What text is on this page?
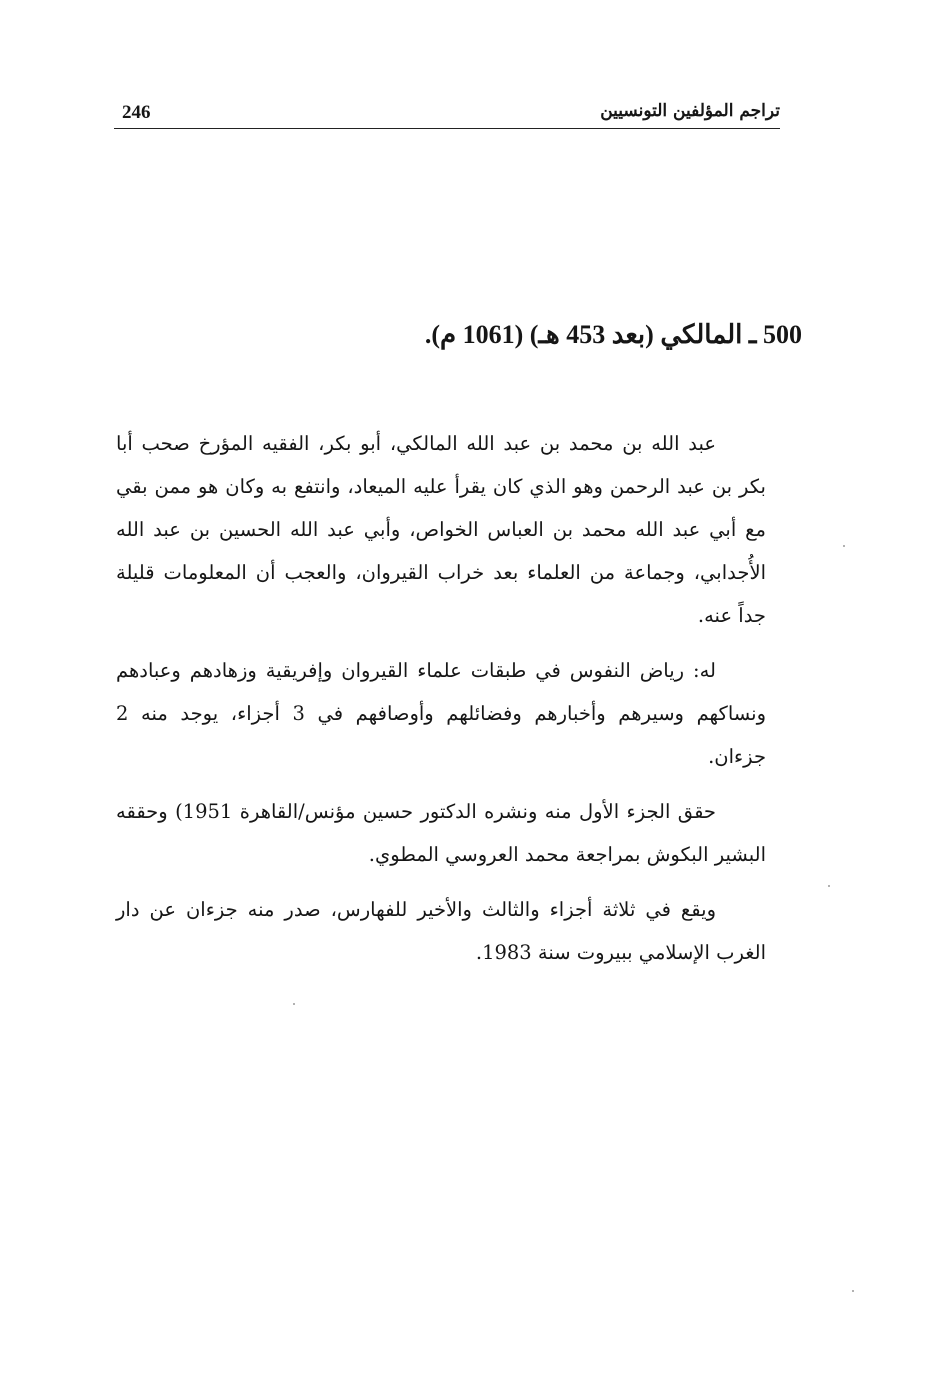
246	تراجم المؤلفين التونسيين
500 ـ المالكي (بعد 453 هـ) (1061 م).

عبد الله بن محمد بن عبد الله المالكي، أبو بكر، الفقيه المؤرخ صحب أبا بكر بن عبد الرحمن وهو الذي كان يقرأ عليه الميعاد، وانتفع به وكان هو ممن بقي مع أبي عبد الله محمد بن العباس الخواص، وأبي عبد الله الحسين بن عبد الله الأُجدابي، وجماعة من العلماء بعد خراب القيروان، والعجب أن المعلومات قليلة جداً عنه.

له: رياض النفوس في طبقات علماء القيروان وإفريقية وزهادهم وعبادهم ونساكهم وسيرهم وأخبارهم وفضائلهم وأوصافهم في 3 أجزاء، يوجد منه 2 جزءان.

حقق الجزء الأول منه ونشره الدكتور حسين مؤنس/القاهرة 1951) وحققه البشير البكوش بمراجعة محمد العروسي المطوي.

ويقع في ثلاثة أجزاء والثالث والأخير للفهارس، صدر منه جزءان عن دار الغرب الإسلامي ببيروت سنة 1983.
